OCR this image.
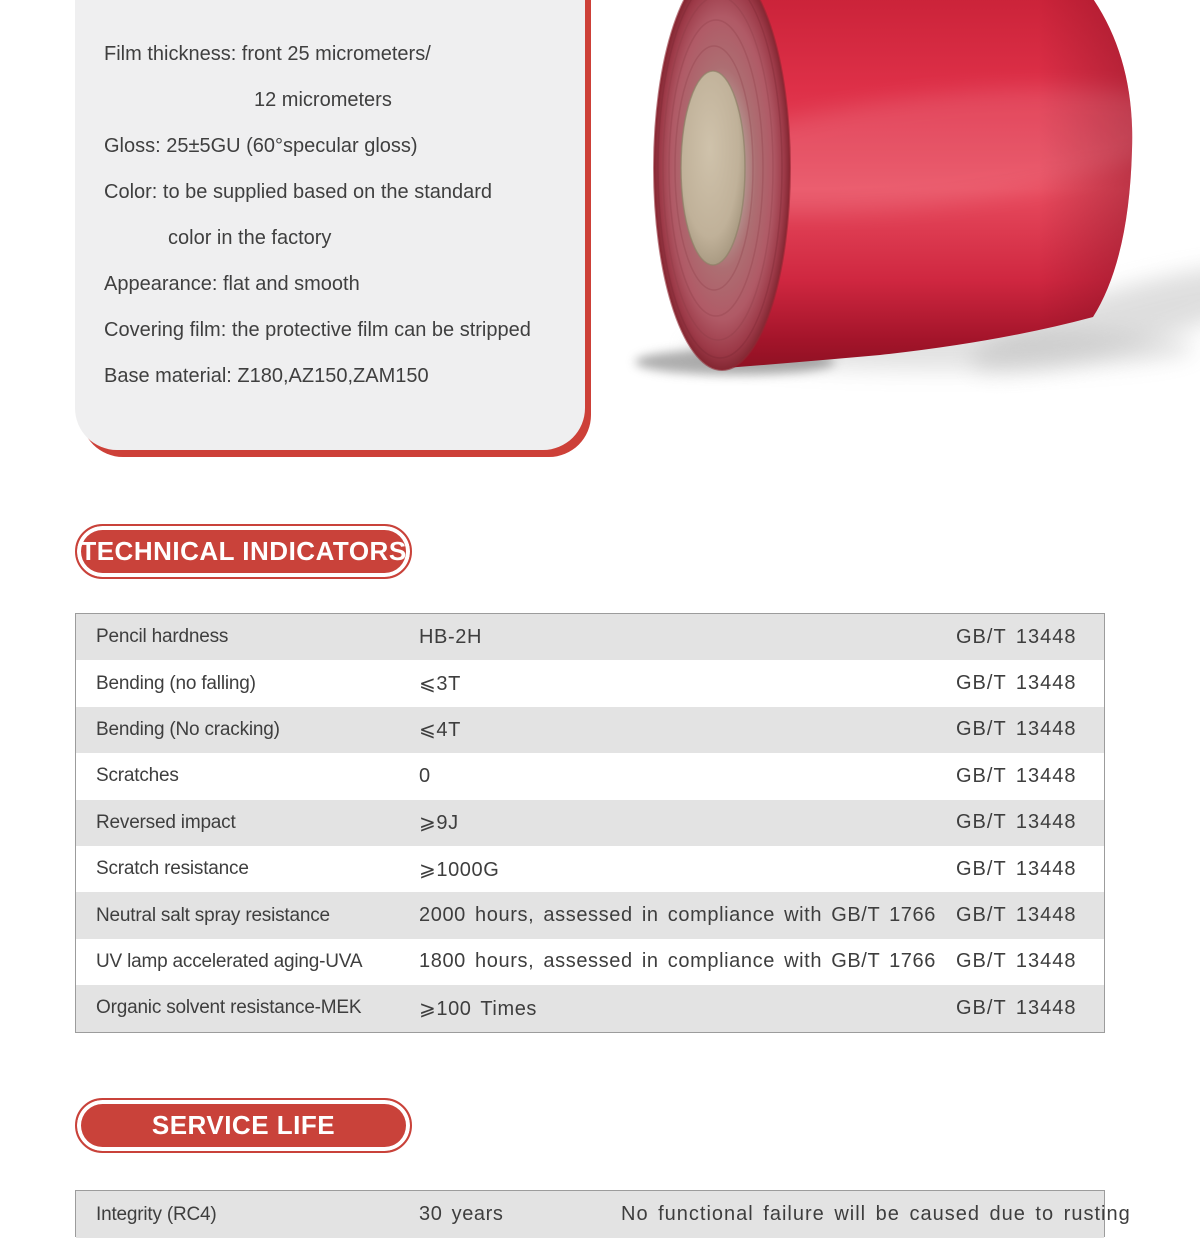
Film thickness: front 25 micrometers/
12 micrometers
Gloss: 25±5GU (60°specular gloss)
Color: to be supplied based on the standard
color in the factory
Appearance: flat and smooth
Covering film: the protective film can be stripped
Base material: Z180,AZ150,ZAM150
TECHNICAL INDICATORS
Pencil hardness	HB-2H	GB/T 13448
Bending (no falling)	⩽3T	GB/T 13448
Bending (No cracking)	⩽4T	GB/T 13448
Scratches	0	GB/T 13448
Reversed impact	⩾9J	GB/T 13448
Scratch resistance	⩾1000G	GB/T 13448
Neutral salt spray resistance	2000 hours, assessed in compliance with GB/T 1766	GB/T 13448
UV lamp accelerated aging-UVA	1800 hours, assessed in compliance with GB/T 1766	GB/T 13448
Organic solvent resistance-MEK	⩾100 Times	GB/T 13448
SERVICE LIFE
Integrity (RC4)	30 years	No functional failure will be caused due to rusting
